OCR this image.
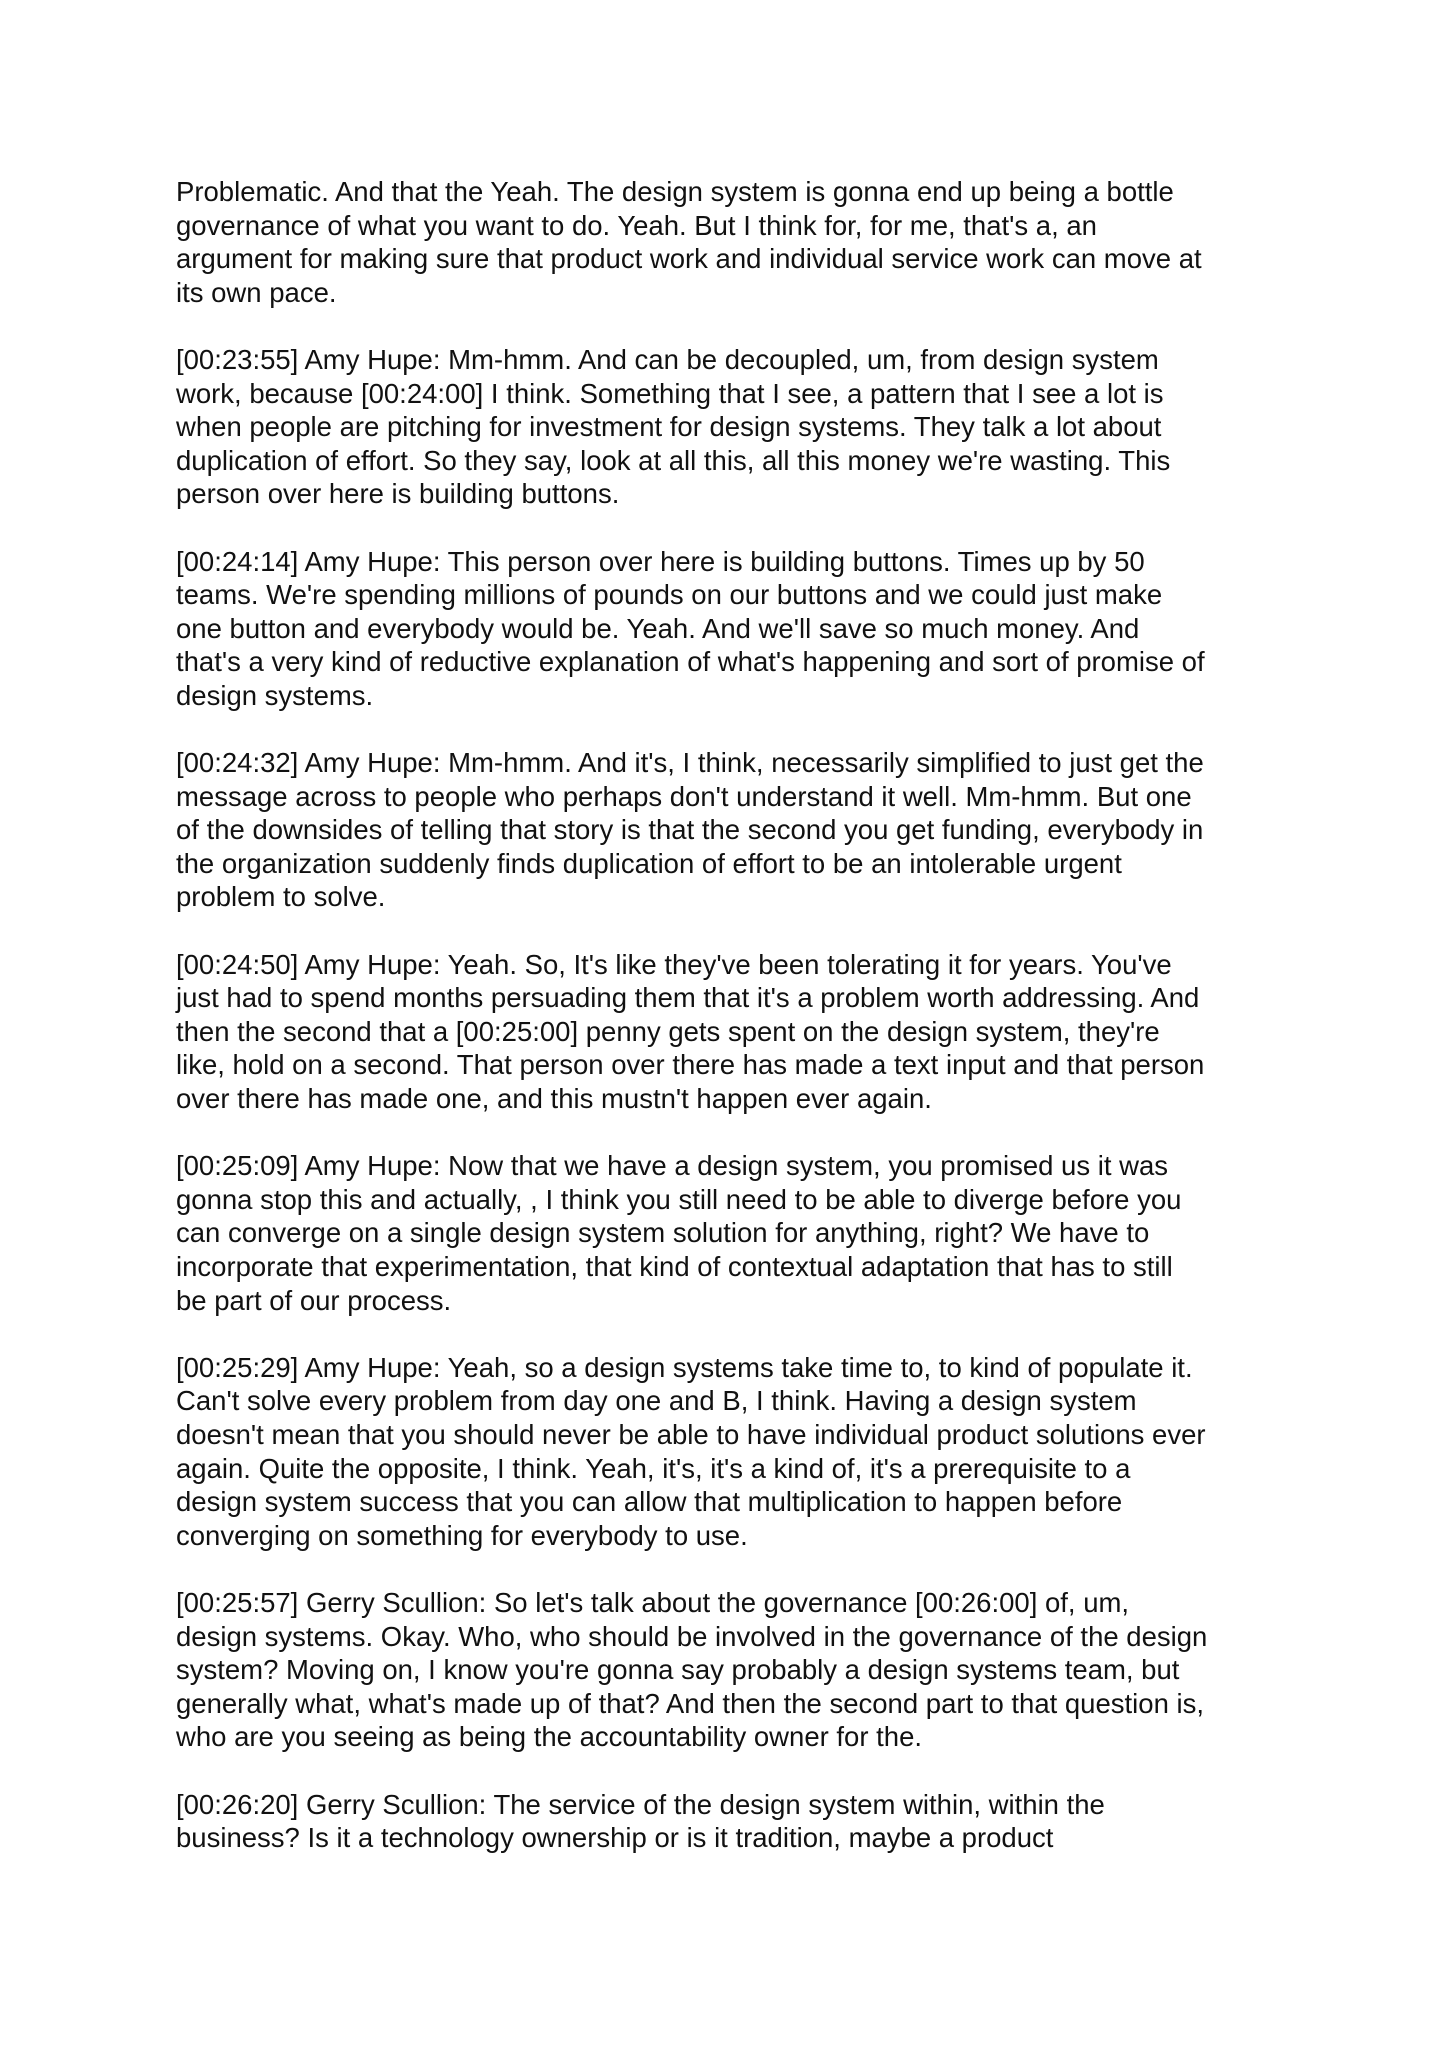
Problematic. And that the Yeah. The design system is gonna end up being a bottle
governance of what you want to do. Yeah. But I think for, for me, that's a, an
argument for making sure that product work and individual service work can move at
its own pace.

[00:23:55] Amy Hupe: Mm-hmm. And can be decoupled, um, from design system
work, because [00:24:00] I think. Something that I see, a pattern that I see a lot is
when people are pitching for investment for design systems. They talk a lot about
duplication of effort. So they say, look at all this, all this money we're wasting. This
person over here is building buttons.

[00:24:14] Amy Hupe: This person over here is building buttons. Times up by 50
teams. We're spending millions of pounds on our buttons and we could just make
one button and everybody would be. Yeah. And we'll save so much money. And
that's a very kind of reductive explanation of what's happening and sort of promise of
design systems.

[00:24:32] Amy Hupe: Mm-hmm. And it's, I think, necessarily simplified to just get the
message across to people who perhaps don't understand it well. Mm-hmm. But one
of the downsides of telling that story is that the second you get funding, everybody in
the organization suddenly finds duplication of effort to be an intolerable urgent
problem to solve.

[00:24:50] Amy Hupe: Yeah. So, It's like they've been tolerating it for years. You've
just had to spend months persuading them that it's a problem worth addressing. And
then the second that a [00:25:00] penny gets spent on the design system, they're
like, hold on a second. That person over there has made a text input and that person
over there has made one, and this mustn't happen ever again.

[00:25:09] Amy Hupe: Now that we have a design system, you promised us it was
gonna stop this and actually, , I think you still need to be able to diverge before you
can converge on a single design system solution for anything, right? We have to
incorporate that experimentation, that kind of contextual adaptation that has to still
be part of our process.

[00:25:29] Amy Hupe: Yeah, so a design systems take time to, to kind of populate it.
Can't solve every problem from day one and B, I think. Having a design system
doesn't mean that you should never be able to have individual product solutions ever
again. Quite the opposite, I think. Yeah, it's, it's a kind of, it's a prerequisite to a
design system success that you can allow that multiplication to happen before
converging on something for everybody to use.

[00:25:57] Gerry Scullion: So let's talk about the governance [00:26:00] of, um,
design systems. Okay. Who, who should be involved in the governance of the design
system? Moving on, I know you're gonna say probably a design systems team, but
generally what, what's made up of that? And then the second part to that question is,
who are you seeing as being the accountability owner for the.

[00:26:20] Gerry Scullion: The service of the design system within, within the
business? Is it a technology ownership or is it tradition, maybe a product
